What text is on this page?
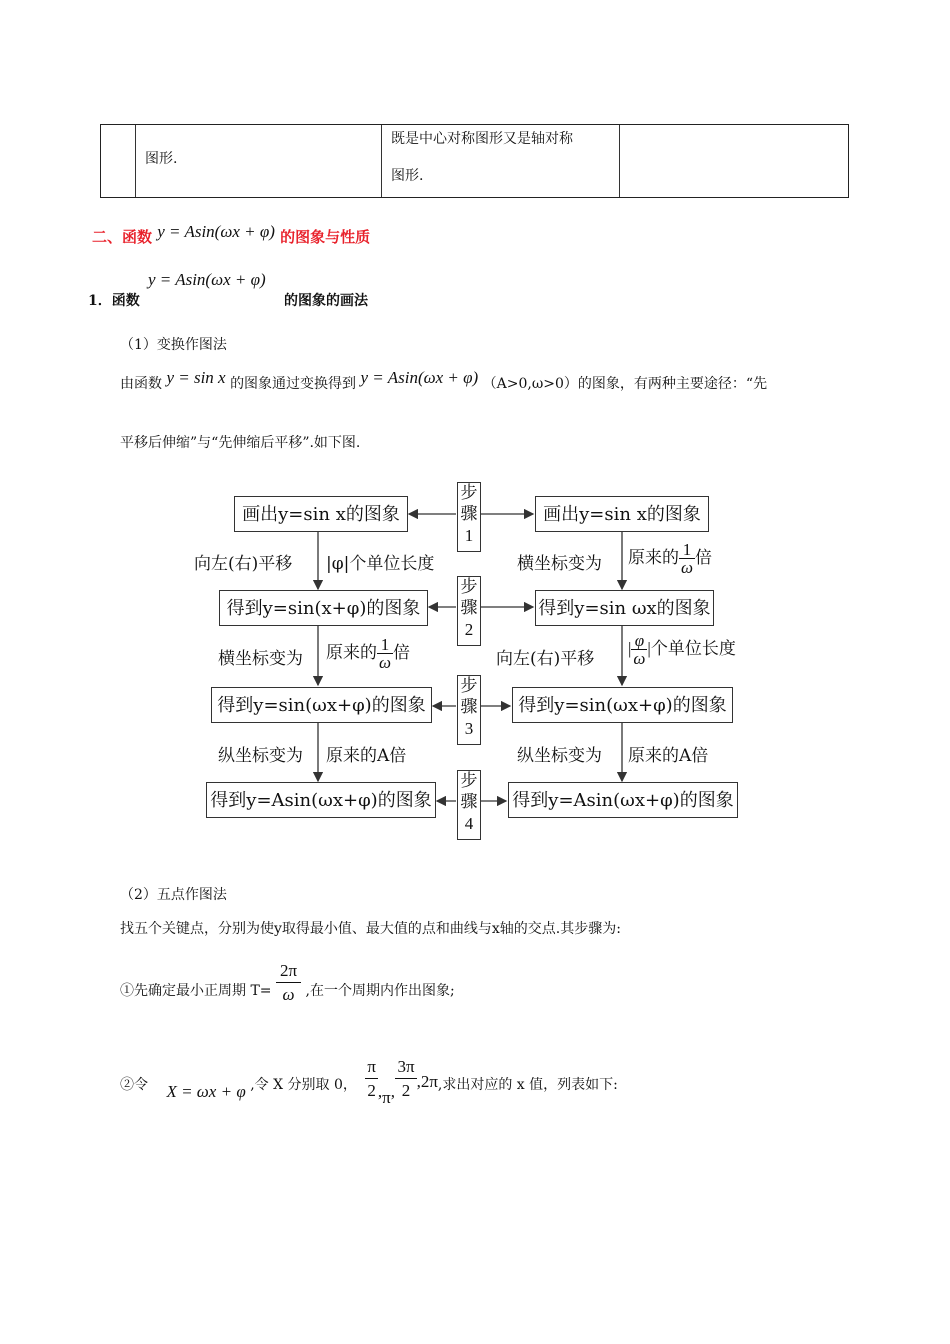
图形.
既是中心对称图形又是轴对称
图形.
二、函数 y = Asin(ωx + φ) 的图象与性质
y = Asin(ωx + φ)
1．函数	的图象的画法
（1）变换作图法
由函数 y = sin x 的图象通过变换得到 y = Asin(ωx + φ) （A>0,ω>0）的图象，有两种主要途径：“先
平移后伸缩”与“先伸缩后平移”.如下图.
步
骤
1
步
骤
2
步
骤
3
步
骤
4
画出y=sin x的图象
向左(右)平移 |φ|个单位长度
得到y=sin(x+φ)的图象
横坐标变为 原来的 $\frac{1}{\omega}$ 倍
得到y=sin(ωx+φ)的图象
纵坐标变为 原来的A倍
得到y=Asin(ωx+φ)的图象
画出y=sin x的图象
横坐标变为 原来的 $\frac{1}{\omega}$ 倍
得到y=sin ωx的图象
向左(右)平移
| $\frac{\varphi}{\omega}$ |个单位长度
得到y=sin(ωx+φ)的图象
纵坐标变为 原来的A倍
得到y=Asin(ωx+φ)的图象
（2）五点作图法
找五个关键点，分别为使y取得最小值、最大值的点和曲线与x轴的交点.其步骤为:
①先确定最小正周期 $T= \frac{2\pi}{\omega}$ ,在一个周期内作出图象;
②令 X = ωx + φ ,令 X 分别取 0， $\frac{\pi}{2} ,\pi$, $\frac{3\pi}{2} ,2\pi$,求出对应的 x 值，列表如下:
